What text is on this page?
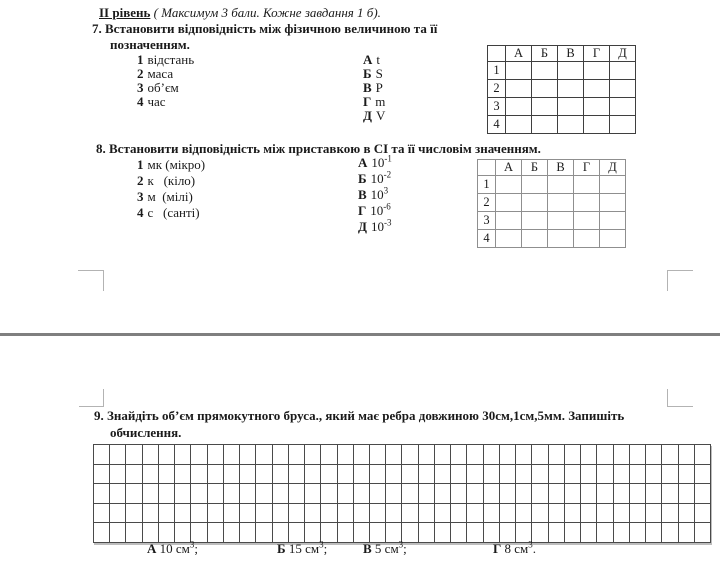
ІІ рівень ( Максимум 3 бали. Кожне завдання 1 б).
7. Встановити відповідність між фізичною величиною та її
позначенням.
1 відстань
2 маса
3 об’єм
4 час
А t
Б S
В P
Г m
Д V
	А	Б	В	Г	Д
1					
2					
3					
4					
8. Встановити відповідність між приставкою в СІ та її числовім значенням.
1 мк (мікро)
2 к   (кіло)
3 м  (мілі)
4 с   (санті)
А $10^{-1}$
Б $10^{-2}$
В $10^3$
Г $10^{-6}$
Д $10^{-3}$
	А	Б	В	Г	Д
1					
2					
3					
4					
9. Знайдіть об’єм прямокутного бруса., який має ребра довжиною 30см,1см,5мм. Запишіть
обчислення.
А 10 $см^3$;	Б 15 $см^3$;	В 5 $см^3$;	Г 8 $см^3$.
